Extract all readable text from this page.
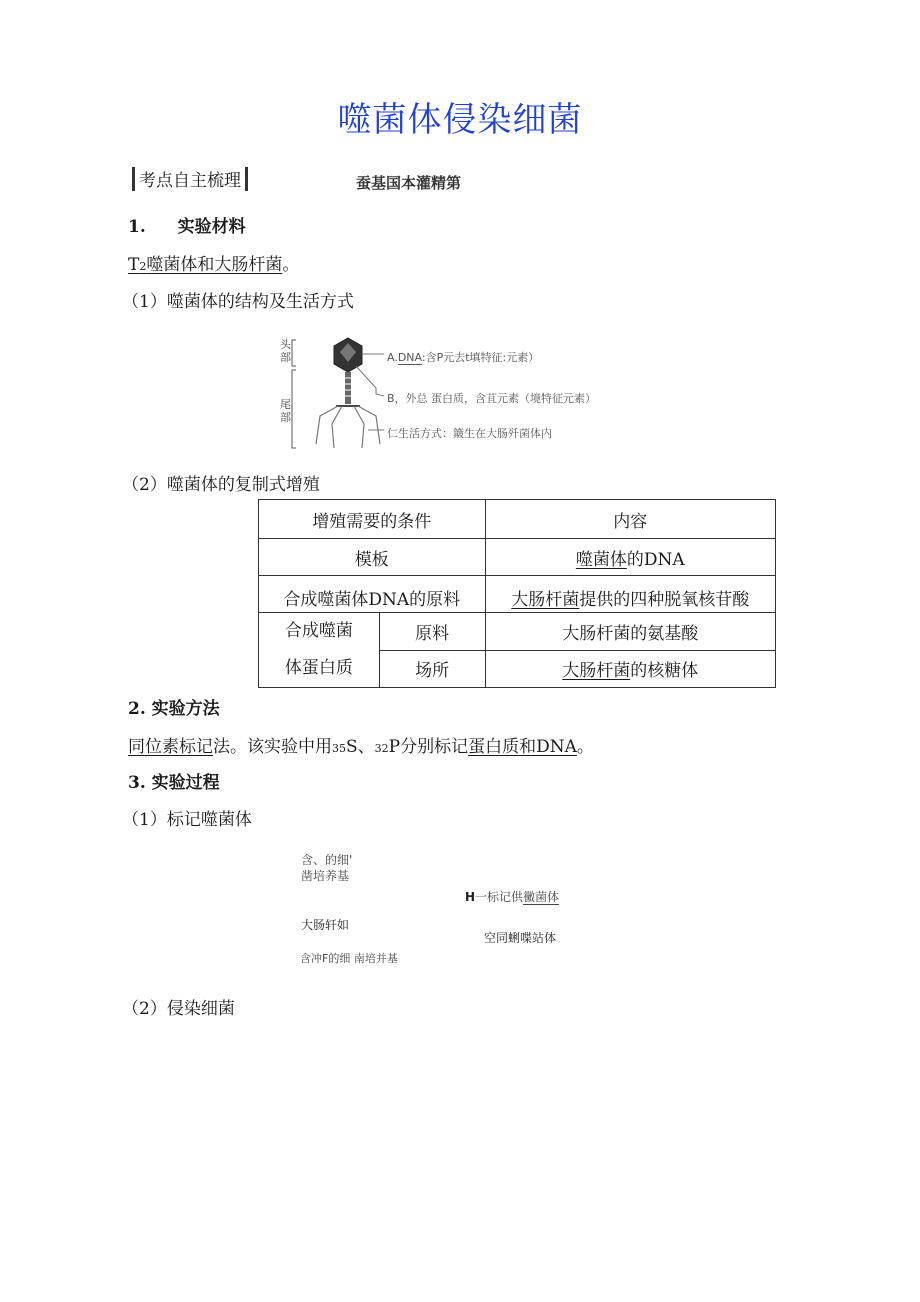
噬菌体侵染细菌
考点自主梳理	蚕基国本灌精第
1. 实验材料
T2噬菌体和大肠杆菌。
（1）噬菌体的结构及生活方式
头部
尾部
A.DNA:含P元去t填特征:元素）
B，外总 蛋白质，含苴元素（境特征元素）
仁生活方式：簸生在大肠歼菌体内
（2）噬菌体的复制式增殖
增殖需要的条件		内容
模板		噬菌体的DNA
合成噬菌体DNA的原料		大肠杆菌提供的四种脱氧核苷酸

合成噬菌
体蛋白质	原料	大肠杆菌的氨基酸
	场所	大肠杆菌的核糖体
2. 实验方法
同位素标记法。该实验中用35S、32P分别标记蛋白质和DNA。
3. 实验过程
（1）标记噬菌体
含、的细'
凿培养基
H一标记供黴菌体
大肠轩如
空同蜊喋站体
含冲F的细 南培并基
（2）侵染细菌
